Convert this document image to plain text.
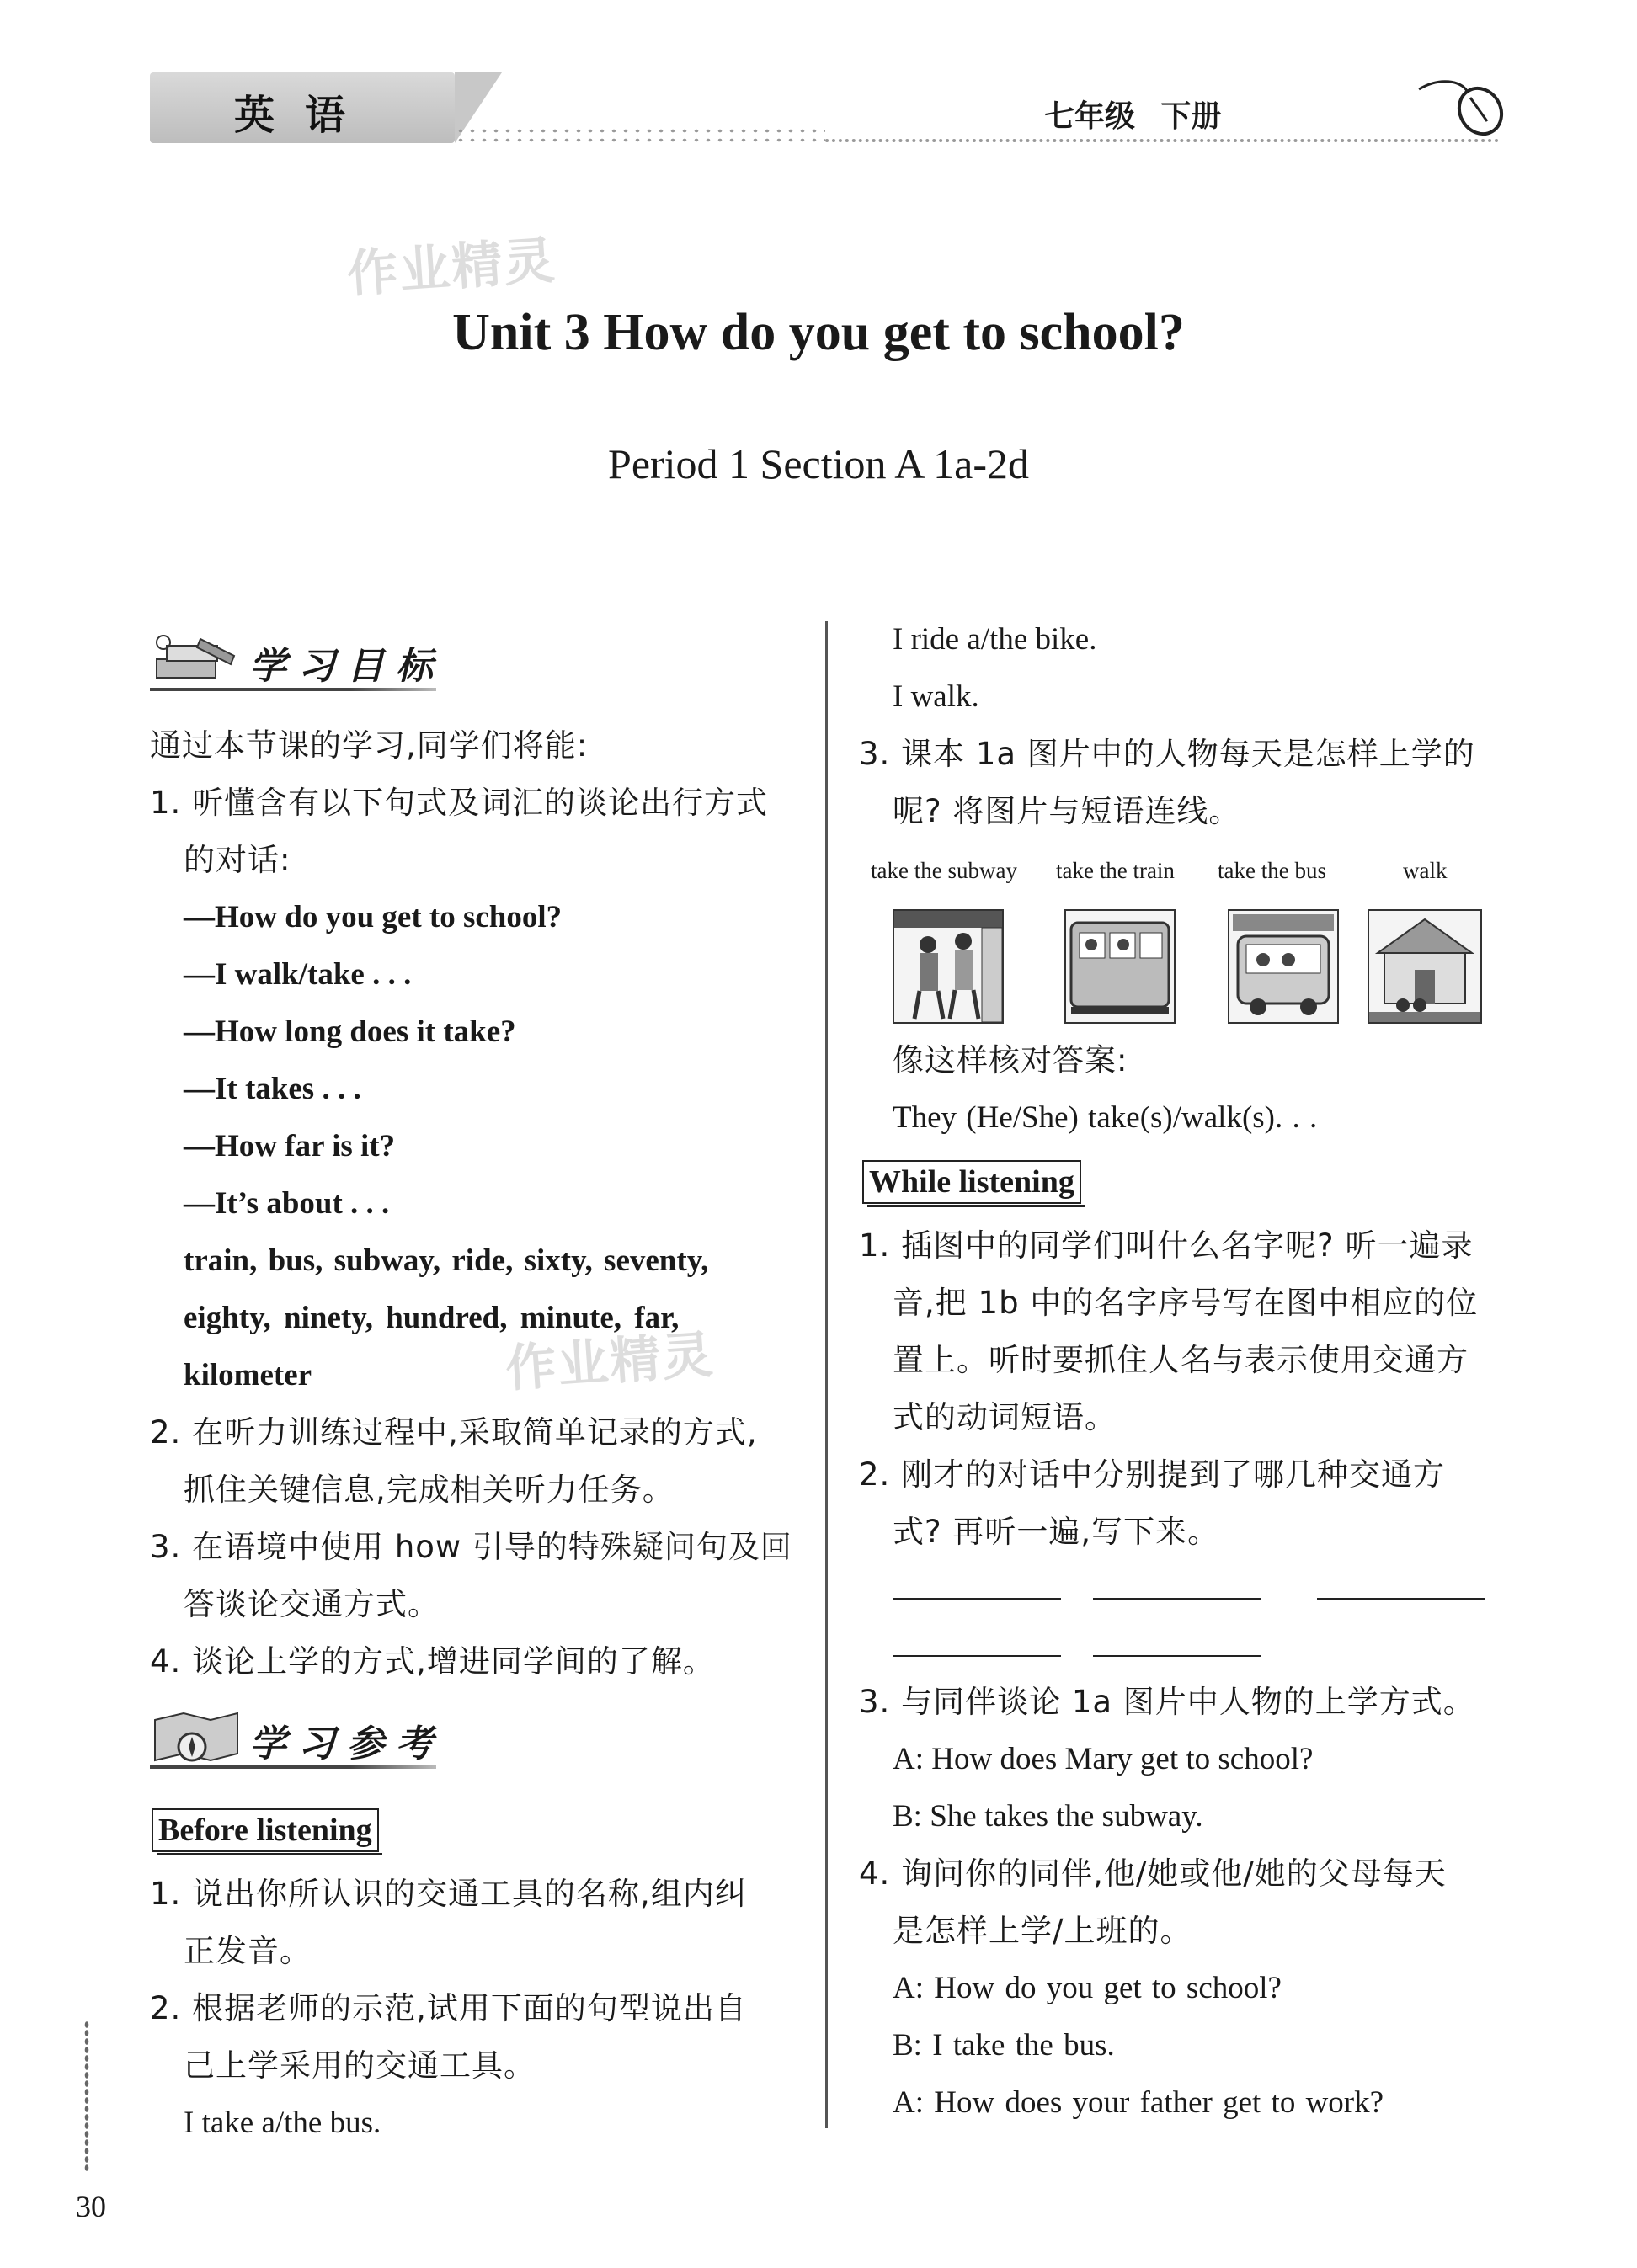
英语	七年级 下册
作业精灵
作业精灵
Unit 3 How do you get to school?
Period 1 Section A 1a-2d
学习目标
通过本节课的学习,同学们将能:
1. 听懂含有以下句式及词汇的谈论出行方式
的对话:
—How do you get to school?
—I walk/take . . .
—How long does it take?
—It takes . . .
—How far is it?
—It’s about . . .
train, bus, subway, ride, sixty, seventy,
eighty, ninety, hundred, minute, far,
kilometer
2. 在听力训练过程中,采取简单记录的方式,
抓住关键信息,完成相关听力任务。
3. 在语境中使用 how 引导的特殊疑问句及回
答谈论交通方式。
4. 谈论上学的方式,增进同学间的了解。
学习参考
Before listening
1. 说出你所认识的交通工具的名称,组内纠
正发音。
2. 根据老师的示范,试用下面的句型说出自
己上学采用的交通工具。
I take a/the bus.
30
I ride a/the bike.
I walk.
3. 课本 1a 图片中的人物每天是怎样上学的
呢? 将图片与短语连线。
take the subway take the train take the bus	walk
像这样核对答案:
They (He/She) take(s)/walk(s). . .
While listening
1. 插图中的同学们叫什么名字呢? 听一遍录
音,把 1b 中的名字序号写在图中相应的位
置上。听时要抓住人名与表示使用交通方
式的动词短语。
2. 刚才的对话中分别提到了哪几种交通方
式? 再听一遍,写下来。
3. 与同伴谈论 1a 图片中人物的上学方式。
A: How does Mary get to school?
B: She takes the subway.
4. 询问你的同伴,他/她或他/她的父母每天
是怎样上学/上班的。
A: How do you get to school?
B: I take the bus.
A: How does your father get to work?
